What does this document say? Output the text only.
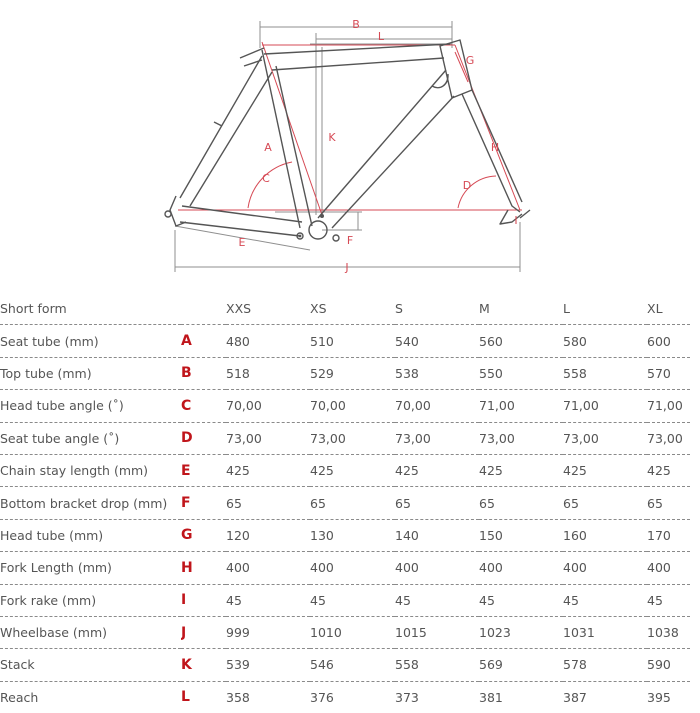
B
L
G
K
A	H
C
D
I
F
E
J
Short form		XXS	XS	S	M	L	XL
Seat tube (mm)	A	480	510	540	560	580	600
Top tube (mm)	B	518	529	538	550	558	570
Head tube angle (˚)	C	70,00	70,00	70,00	71,00	71,00	71,00
Seat tube angle (˚)	D	73,00	73,00	73,00	73,00	73,00	73,00
Chain stay length (mm)	E	425	425	425	425	425	425
Bottom bracket drop (mm)	F	65	65	65	65	65	65
Head tube (mm)	G	120	130	140	150	160	170
Fork Length (mm)	H	400	400	400	400	400	400
Fork rake (mm)	I	45	45	45	45	45	45
Wheelbase (mm)	J	999	1010	1015	1023	1031	1038
Stack	K	539	546	558	569	578	590
Reach	L	358	376	373	381	387	395
